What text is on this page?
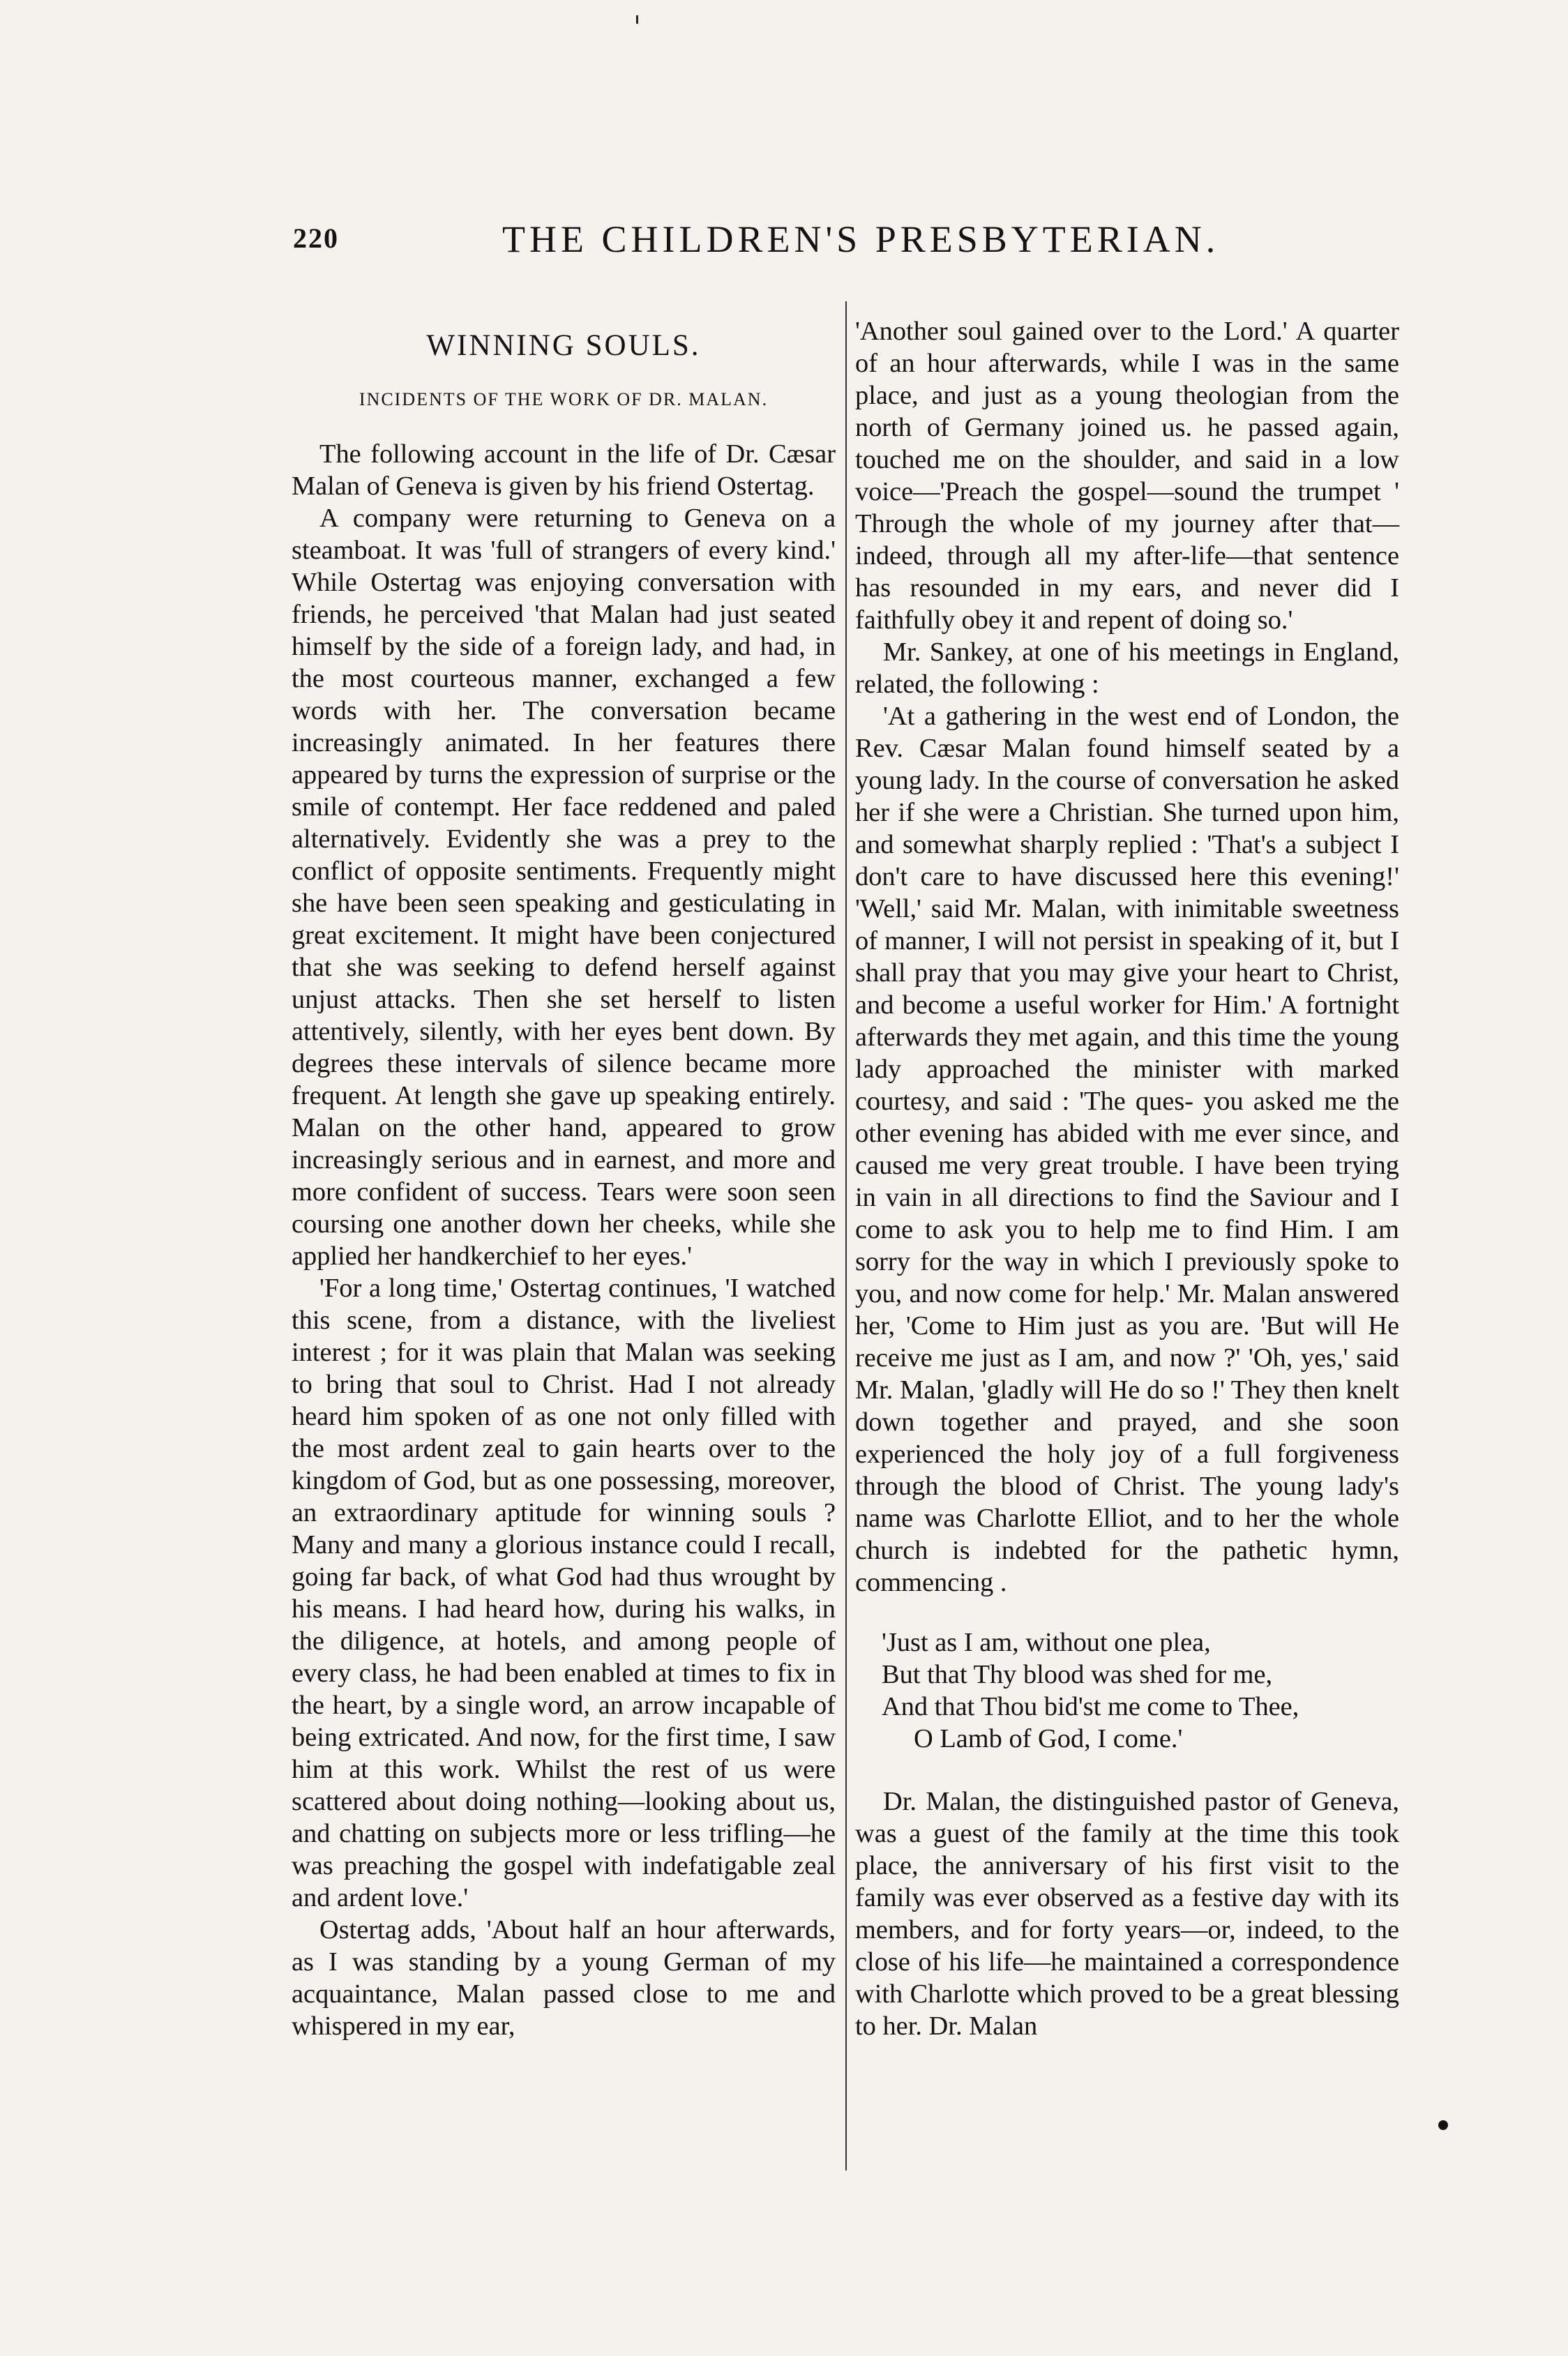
220	THE CHILDREN'S PRESBYTERIAN.
WINNING SOULS.
INCIDENTS OF THE WORK OF DR. MALAN.

The following account in the life of Dr. Cæsar Malan of Geneva is given by his friend Ostertag.

A company were returning to Geneva on a steamboat. It was 'full of strangers of every kind.' While Ostertag was enjoying conversation with friends, he perceived 'that Malan had just seated himself by the side of a foreign lady, and had, in the most courteous manner, exchanged a few words with her. The conversation became increasingly animated. In her features there appeared by turns the expression of surprise or the smile of contempt. Her face reddened and paled alternatively. Evidently she was a prey to the conflict of opposite sentiments. Frequently might she have been seen speaking and gesticulating in great excitement. It might have been conjectured that she was seeking to defend herself against unjust attacks. Then she set herself to listen attentively, silently, with her eyes bent down. By degrees these intervals of silence became more frequent. At length she gave up speaking entirely. Malan on the other hand, appeared to grow increasingly serious and in earnest, and more and more confident of success. Tears were soon seen coursing one another down her cheeks, while she applied her handkerchief to her eyes.'

'For a long time,' Ostertag continues, 'I watched this scene, from a distance, with the liveliest interest ; for it was plain that Malan was seeking to bring that soul to Christ. Had I not already heard him spoken of as one not only filled with the most ardent zeal to gain hearts over to the kingdom of God, but as one possessing, moreover, an extraordinary aptitude for winning souls ? Many and many a glorious instance could I recall, going far back, of what God had thus wrought by his means. I had heard how, during his walks, in the diligence, at hotels, and among people of every class, he had been enabled at times to fix in the heart, by a single word, an arrow incapable of being extricated. And now, for the first time, I saw him at this work. Whilst the rest of us were scattered about doing nothing—looking about us, and chatting on subjects more or less trifling—he was preaching the gospel with indefatigable zeal and ardent love.'

Ostertag adds, 'About half an hour afterwards, as I was standing by a young German of my acquaintance, Malan passed close to me and whispered in my ear,

'Another soul gained over to the Lord.' A quarter of an hour afterwards, while I was in the same place, and just as a young theologian from the north of Germany joined us. he passed again, touched me on the shoulder, and said in a low voice—'Preach the gospel—sound the trumpet ' Through the whole of my journey after that—indeed, through all my after-life—that sentence has resounded in my ears, and never did I faithfully obey it and repent of doing so.'

Mr. Sankey, at one of his meetings in England, related, the following :

'At a gathering in the west end of London, the Rev. Cæsar Malan found himself seated by a young lady. In the course of conversation he asked her if she were a Christian. She turned upon him, and somewhat sharply replied : 'That's a subject I don't care to have discussed here this evening!' 'Well,' said Mr. Malan, with inimitable sweetness of manner, I will not persist in speaking of it, but I shall pray that you may give your heart to Christ, and become a useful worker for Him.' A fortnight afterwards they met again, and this time the young lady approached the minister with marked courtesy, and said : 'The ques- you asked me the other evening has abided with me ever since, and caused me very great trouble. I have been trying in vain in all directions to find the Saviour and I come to ask you to help me to find Him. I am sorry for the way in which I previously spoke to you, and now come for help.' Mr. Malan answered her, 'Come to Him just as you are. 'But will He receive me just as I am, and now ?' 'Oh, yes,' said Mr. Malan, 'gladly will He do so !' They then knelt down together and prayed, and she soon experienced the holy joy of a full forgiveness through the blood of Christ. The young lady's name was Charlotte Elliot, and to her the whole church is indebted for the pathetic hymn, commencing .

'Just as I am, without one plea,
But that Thy blood was shed for me,
And that Thou bid'st me come to Thee,
O Lamb of God, I come.'

Dr. Malan, the distinguished pastor of Geneva, was a guest of the family at the time this took place, the anniversary of his first visit to the family was ever observed as a festive day with its members, and for forty years—or, indeed, to the close of his life—he maintained a correspondence with Charlotte which proved to be a great blessing to her. Dr. Malan
